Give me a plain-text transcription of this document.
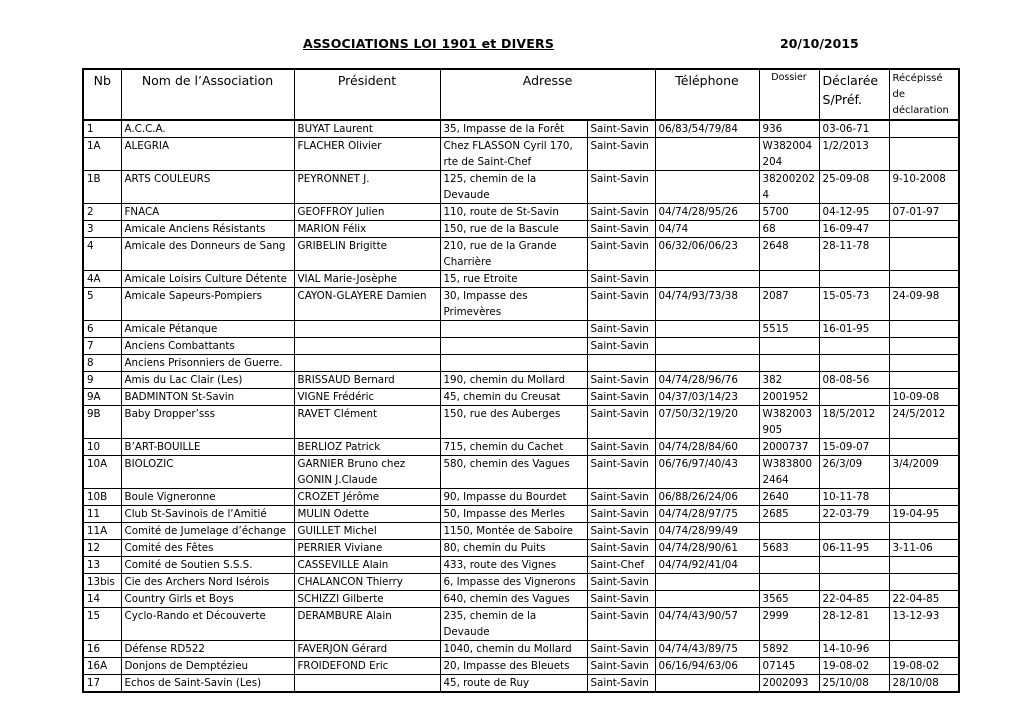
ASSOCIATIONS LOI 1901 et DIVERS	20/10/2015
Nb	Nom de l’Association	Président	Adresse		Téléphone	Dossier	Déclarée S/Préf.	Récépissé de déclaration
1	A.C.C.A.	BUYAT Laurent	35, Impasse de la Forêt	Saint-Savin	06/83/54/79/84	936	03-06-71	
1A	ALEGRIA	FLACHER Olivier	Chez FLASSON Cyril 170, rte de Saint-Chef	Saint-Savin		W382004 204	1/2/2013	
1B	ARTS COULEURS	PEYRONNET J.	125, chemin de la Devaude	Saint-Savin		382002024	25-09-08	9-10-2008
2	FNACA	GEOFFROY Julien	110, route de St-Savin	Saint-Savin	04/74/28/95/26	5700	04-12-95	07-01-97
3	Amicale Anciens Résistants	MARION Félix	150, rue de la Bascule	Saint-Savin	04/74	68	16-09-47	
4	Amicale des Donneurs de Sang	GRIBELIN Brigitte	210, rue de la Grande Charrière	Saint-Savin	06/32/06/06/23	2648	28-11-78	
4A	Amicale Loisirs Culture Détente	VIAL Marie-Josèphe	15, rue Etroite	Saint-Savin				
5	Amicale Sapeurs-Pompiers	CAYON-GLAYERE Damien	30, Impasse des Primevères	Saint-Savin	04/74/93/73/38	2087	15-05-73	24-09-98
6	Amicale Pétanque			Saint-Savin		5515	16-01-95	
7	Anciens Combattants			Saint-Savin				
8	Anciens Prisonniers de Guerre.							
9	Amis du Lac Clair (Les)	BRISSAUD Bernard	190, chemin du Mollard	Saint-Savin	04/74/28/96/76	382	08-08-56	
9A	BADMINTON St-Savin	VIGNE Frédéric	45, chemin du Creusat	Saint-Savin	04/37/03/14/23	2001952		10-09-08
9B	Baby Dropper’sss	RAVET Clément	150, rue des Auberges	Saint-Savin	07/50/32/19/20	W382003 905	18/5/2012	24/5/2012
10	B’ART-BOUILLE	BERLIOZ Patrick	715, chemin du Cachet	Saint-Savin	04/74/28/84/60	2000737	15-09-07	
10A	BIOLOZIC	GARNIER Bruno chez GONIN J.Claude	580, chemin des Vagues	Saint-Savin	06/76/97/40/43	W383800 2464	26/3/09	3/4/2009
10B	Boule Vigneronne	CROZET Jérôme	90, Impasse du Bourdet	Saint-Savin	06/88/26/24/06	2640	10-11-78	
11	Club St-Savinois de l’Amitié	MULIN Odette	50, Impasse des Merles	Saint-Savin	04/74/28/97/75	2685	22-03-79	19-04-95
11A	Comité de Jumelage d’échange	GUILLET Michel	1150, Montée de Saboire	Saint-Savin	04/74/28/99/49			
12	Comité des Fêtes	PERRIER Viviane	80, chemin du Puits	Saint-Savin	04/74/28/90/61	5683	06-11-95	3-11-06
13	Comité de Soutien S.S.S.	CASSEVILLE Alain	433, route des Vignes	Saint-Chef	04/74/92/41/04			
13bis	Cie des Archers Nord Isérois	CHALANCON Thierry	6, Impasse des Vignerons	Saint-Savin				
14	Country Girls et Boys	SCHIZZI Gilberte	640, chemin des Vagues	Saint-Savin		3565	22-04-85	22-04-85
15	Cyclo-Rando et Découverte	DERAMBURE Alain	235, chemin de la Devaude	Saint-Savin	04/74/43/90/57	2999	28-12-81	13-12-93
16	Défense RD522	FAVERJON Gérard	1040, chemin du Mollard	Saint-Savin	04/74/43/89/75	5892	14-10-96	
16A	Donjons de Demptézieu	FROIDEFOND Eric	20, Impasse des Bleuets	Saint-Savin	06/16/94/63/06	07145	19-08-02	19-08-02
17	Echos de Saint-Savin (Les)		45, route de Ruy	Saint-Savin		2002093	25/10/08	28/10/08
